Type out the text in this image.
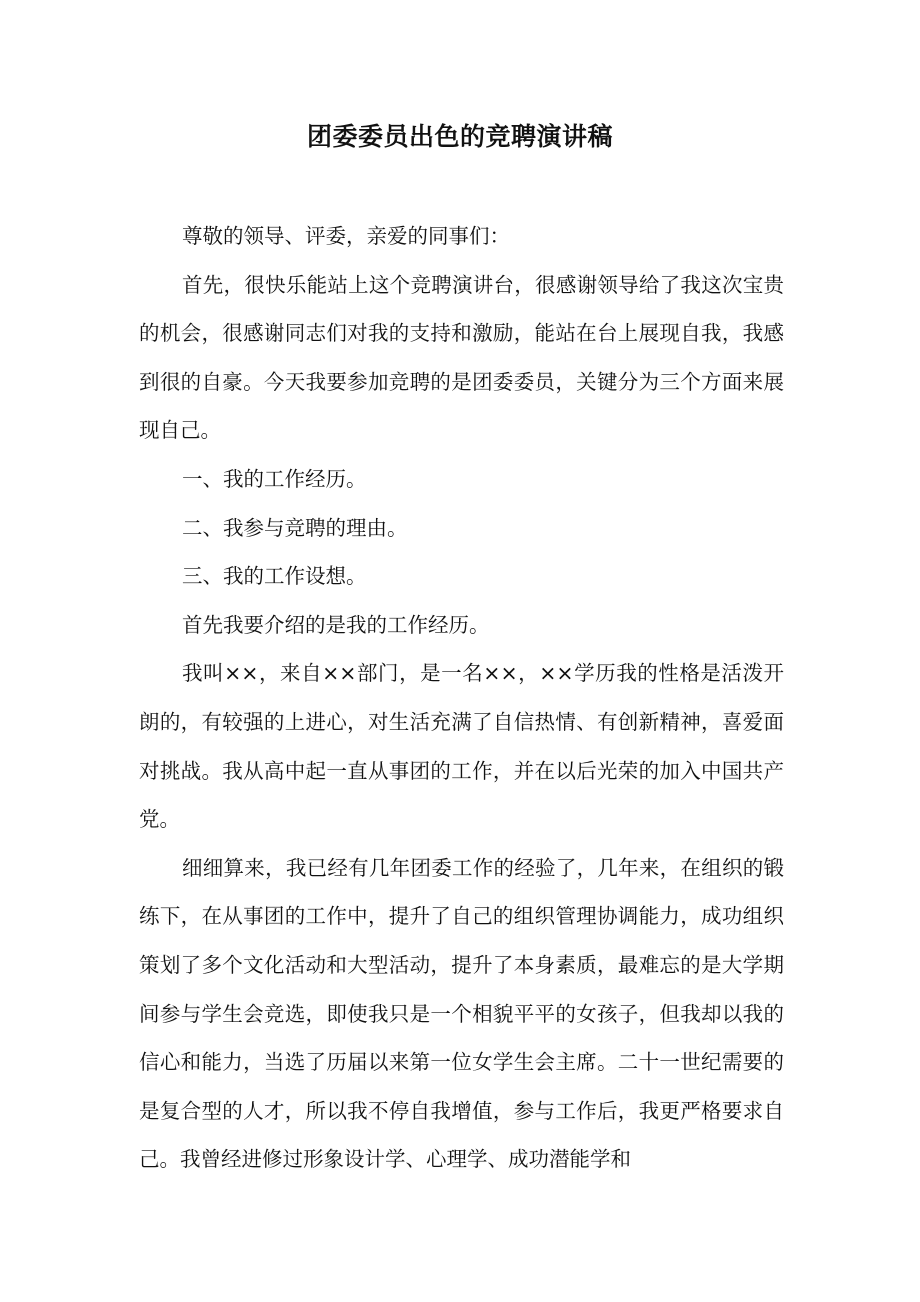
团委委员出色的竞聘演讲稿

尊敬的领导、评委，亲爱的同事们：

首先，很快乐能站上这个竞聘演讲台，很感谢领导给了我这次宝贵的机会，很感谢同志们对我的支持和激励，能站在台上展现自我，我感到很的自豪。今天我要参加竞聘的是团委委员，关键分为三个方面来展现自己。

一、我的工作经历。

二、我参与竞聘的理由。

三、我的工作设想。

首先我要介绍的是我的工作经历。

我叫××，来自××部门，是一名××，××学历我的性格是活泼开朗的，有较强的上进心，对生活充满了自信热情、有创新精神，喜爱面对挑战。我从高中起一直从事团的工作，并在以后光荣的加入中国共产党。

细细算来，我已经有几年团委工作的经验了，几年来，在组织的锻练下，在从事团的工作中，提升了自己的组织管理协调能力，成功组织策划了多个文化活动和大型活动，提升了本身素质，最难忘的是大学期间参与学生会竞选，即使我只是一个相貌平平的女孩子，但我却以我的信心和能力，当选了历届以来第一位女学生会主席。二十一世纪需要的是复合型的人才，所以我不停自我增值，参与工作后，我更严格要求自己。我曾经进修过形象设计学、心理学、成功潜能学和
